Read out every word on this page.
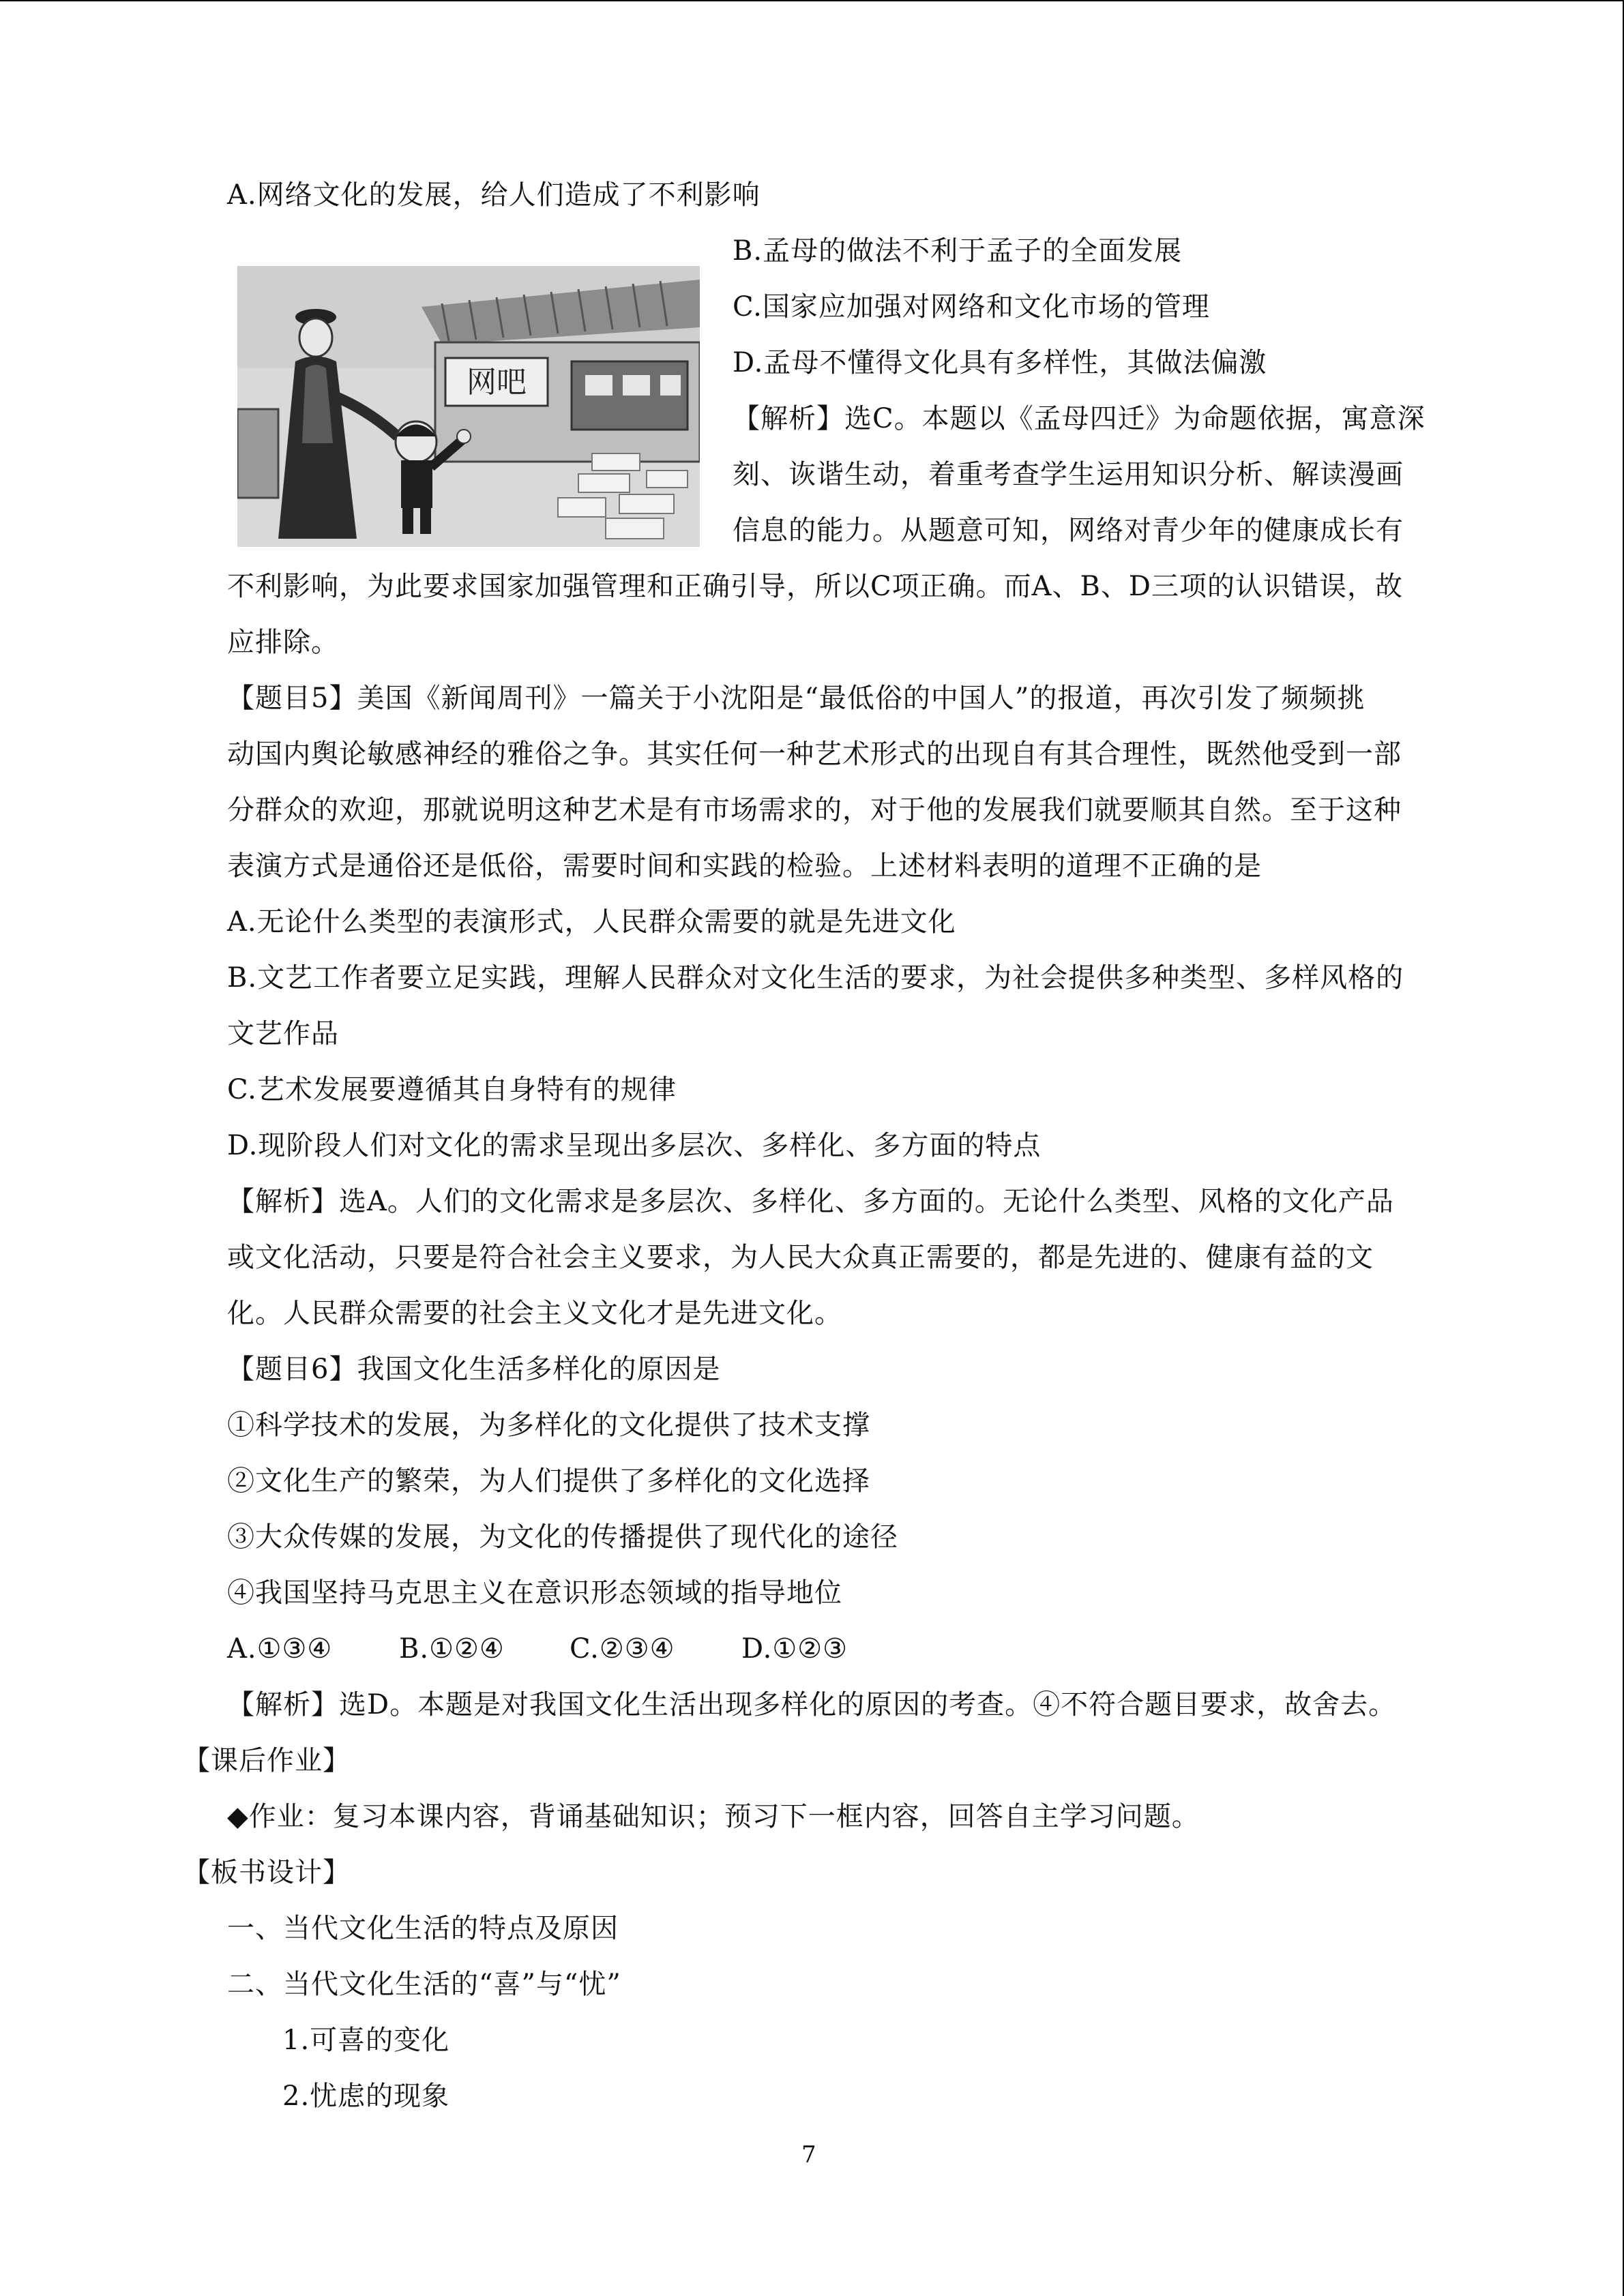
A.网络文化的发展，给人们造成了不利影响
B.孟母的做法不利于孟子的全面发展
C.国家应加强对网络和文化市场的管理
D.孟母不懂得文化具有多样性，其做法偏激
网吧
【解析】选C。本题以《孟母四迁》为命题依据，寓意深
刻、诙谐生动，着重考查学生运用知识分析、解读漫画
信息的能力。从题意可知，网络对青少年的健康成长有
不利影响，为此要求国家加强管理和正确引导，所以C项正确。而A、B、D三项的认识错误，故
应排除。
【题目5】美国《新闻周刊》一篇关于小沈阳是“最低俗的中国人”的报道，再次引发了频频挑
动国内舆论敏感神经的雅俗之争。其实任何一种艺术形式的出现自有其合理性，既然他受到一部
分群众的欢迎，那就说明这种艺术是有市场需求的，对于他的发展我们就要顺其自然。至于这种
表演方式是通俗还是低俗，需要时间和实践的检验。上述材料表明的道理不正确的是
A.无论什么类型的表演形式，人民群众需要的就是先进文化
B.文艺工作者要立足实践，理解人民群众对文化生活的要求，为社会提供多种类型、多样风格的
文艺作品
C.艺术发展要遵循其自身特有的规律
D.现阶段人们对文化的需求呈现出多层次、多样化、多方面的特点
【解析】选A。人们的文化需求是多层次、多样化、多方面的。无论什么类型、风格的文化产品
或文化活动，只要是符合社会主义要求，为人民大众真正需要的，都是先进的、健康有益的文
化。人民群众需要的社会主义文化才是先进文化。
【题目6】我国文化生活多样化的原因是
①科学技术的发展，为多样化的文化提供了技术支撑
②文化生产的繁荣，为人们提供了多样化的文化选择
③大众传媒的发展，为文化的传播提供了现代化的途径
④我国坚持马克思主义在意识形态领域的指导地位
A.①③④ B.①②④ C.②③④ D.①②③
【解析】选D。本题是对我国文化生活出现多样化的原因的考查。④不符合题目要求，故舍去。
【课后作业】
◆作业：复习本课内容，背诵基础知识；预习下一框内容，回答自主学习问题。
【板书设计】
一、当代文化生活的特点及原因
二、当代文化生活的“喜”与“忧”
1.可喜的变化
2.忧虑的现象
7
